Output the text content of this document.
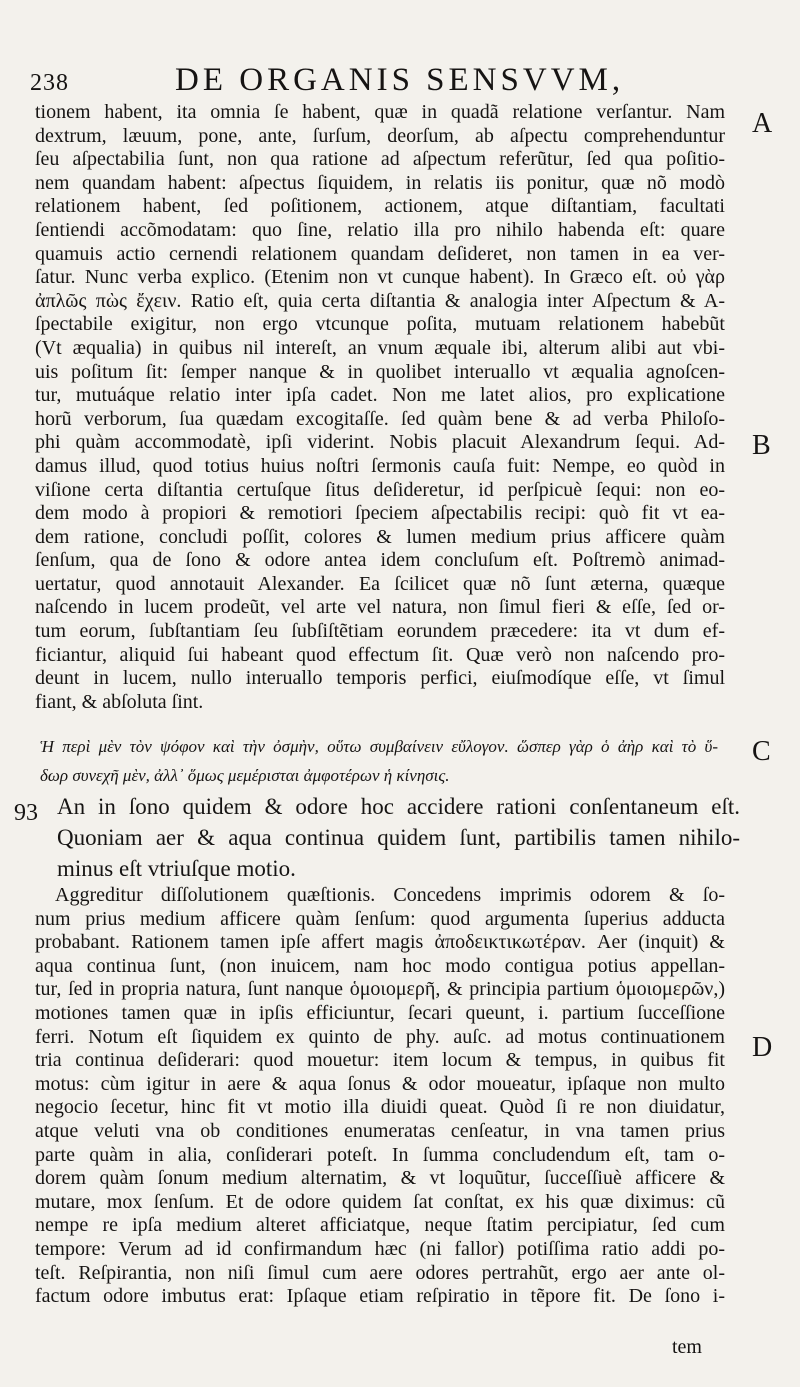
238	DE ORGANIS SENSVVM,
A
B
C
D
93
tionem habent, ita omnia ſe habent, quæ in quadã relatione verſantur. Nam
dextrum, læuum, pone, ante, ſurſum, deorſum, ab aſpectu comprehenduntur
ſeu aſpectabilia ſunt, non qua ratione ad aſpectum referũtur, ſed qua poſitio-
nem quandam habent: aſpectus ſiquidem, in relatis iis ponitur, quæ nõ modò
relationem habent, ſed poſitionem, actionem, atque diſtantiam, facultati
ſentiendi accõmodatam: quo ſine, relatio illa pro nihilo habenda eſt: quare
quamuis actio cernendi relationem quandam deſideret, non tamen in ea ver-
ſatur. Nunc verba explico. (Etenim non vt cunque habent). In Græco eſt. οὐ γὰρ
ἀπλῶς πὼς ἔχειν. Ratio eſt, quia certa diſtantia & analogia inter Aſpectum & A-
ſpectabile exigitur, non ergo vtcunque poſita, mutuam relationem habebũt
(Vt æqualia) in quibus nil intereſt, an vnum æquale ibi, alterum alibi aut vbi-
uis poſitum ſit: ſemper nanque & in quolibet interuallo vt æqualia agnoſcen-
tur, mutuáque relatio inter ipſa cadet. Non me latet alios, pro explicatione
horũ verborum, ſua quædam excogitaſſe. ſed quàm bene & ad verba Philoſo-
phi quàm accommodatè, ipſi viderint. Nobis placuit Alexandrum ſequi. Ad-
damus illud, quod totius huius noſtri ſermonis cauſa fuit: Nempe, eo quòd in
viſione certa diſtantia certuſque ſitus deſideretur, id perſpicuè ſequi: non eo-
dem modo à propiori & remotiori ſpeciem aſpectabilis recipi: quò fit vt ea-
dem ratione, concludi poſſit, colores & lumen medium prius afficere quàm
ſenſum, qua de ſono & odore antea idem concluſum eſt. Poſtremò animad-
uertatur, quod annotauit Alexander. Ea ſcilicet quæ nõ ſunt æterna, quæque
naſcendo in lucem prodeũt, vel arte vel natura, non ſimul fieri & eſſe, ſed or-
tum eorum, ſubſtantiam ſeu ſubſiſtẽtiam eorundem prӕcedere: ita vt dum ef-
ficiantur, aliquid ſui habeant quod effectum ſit. Quæ verò non naſcendo pro-
deunt in lucem, nullo interuallo temporis perfici, eiuſmodíque eſſe, vt ſimul
fiant, & abſoluta ſint.
Ἡ περὶ μὲν τὸν ψόφον καὶ τὴν ὀσμὴν, οὕτω συμβαίνειν εὔλογον. ὥσπερ γὰρ ὁ ἀὴρ καὶ τὸ ὕ-
δωρ συνεχῆ μὲν, ἀλλ᾽ ὅμως μεμέρισται ἀμφοτέρων ἡ κίνησις.
An in ſono quidem & odore hoc accidere rationi conſentaneum eſt.
Quoniam aer & aqua continua quidem ſunt, partibilis tamen nihilo-
minus eſt vtriuſque motio.
Aggreditur diſſolutionem quæſtionis. Concedens imprimis odorem & ſo-
num prius medium afficere quàm ſenſum: quod argumenta ſuperius adducta
probabant. Rationem tamen ipſe affert magis ἀποδεικτικωτέραν. Aer (inquit) &
aqua continua ſunt, (non inuicem, nam hoc modo contigua potius appellan-
tur, ſed in propria natura, ſunt nanque ὁμοιομερῆ, & principia partium ὁμοιομερῶν,)
motiones tamen quæ in ipſis efficiuntur, ſecari queunt, i. partium ſucceſſione
ferri. Notum eſt ſiquidem ex quinto de phy. auſc. ad motus continuationem
tria continua deſiderari: quod mouetur: item locum & tempus, in quibus fit
motus: cùm igitur in aere & aqua ſonus & odor moueatur, ipſaque non multo
negocio ſecetur, hinc fit vt motio illa diuidi queat. Quòd ſi re non diuidatur,
atque veluti vna ob conditiones enumeratas cenſeatur, in vna tamen prius
parte quàm in alia, conſiderari poteſt. In ſumma concludendum eſt, tam o-
dorem quàm ſonum medium alternatim, & vt loquũtur, ſucceſſiuè afficere &
mutare, mox ſenſum. Et de odore quidem ſat conſtat, ex his quæ diximus: cũ
nempe re ipſa medium alteret afficiatque, neque ſtatim percipiatur, ſed cum
tempore: Verum ad id confirmandum hæc (ni fallor) potiſſima ratio addi po-
teſt. Reſpirantia, non niſi ſimul cum aere odores pertrahũt, ergo aer ante ol-
factum odore imbutus erat: Ipſaque etiam reſpiratio in tẽpore fit. De ſono i-
tem
